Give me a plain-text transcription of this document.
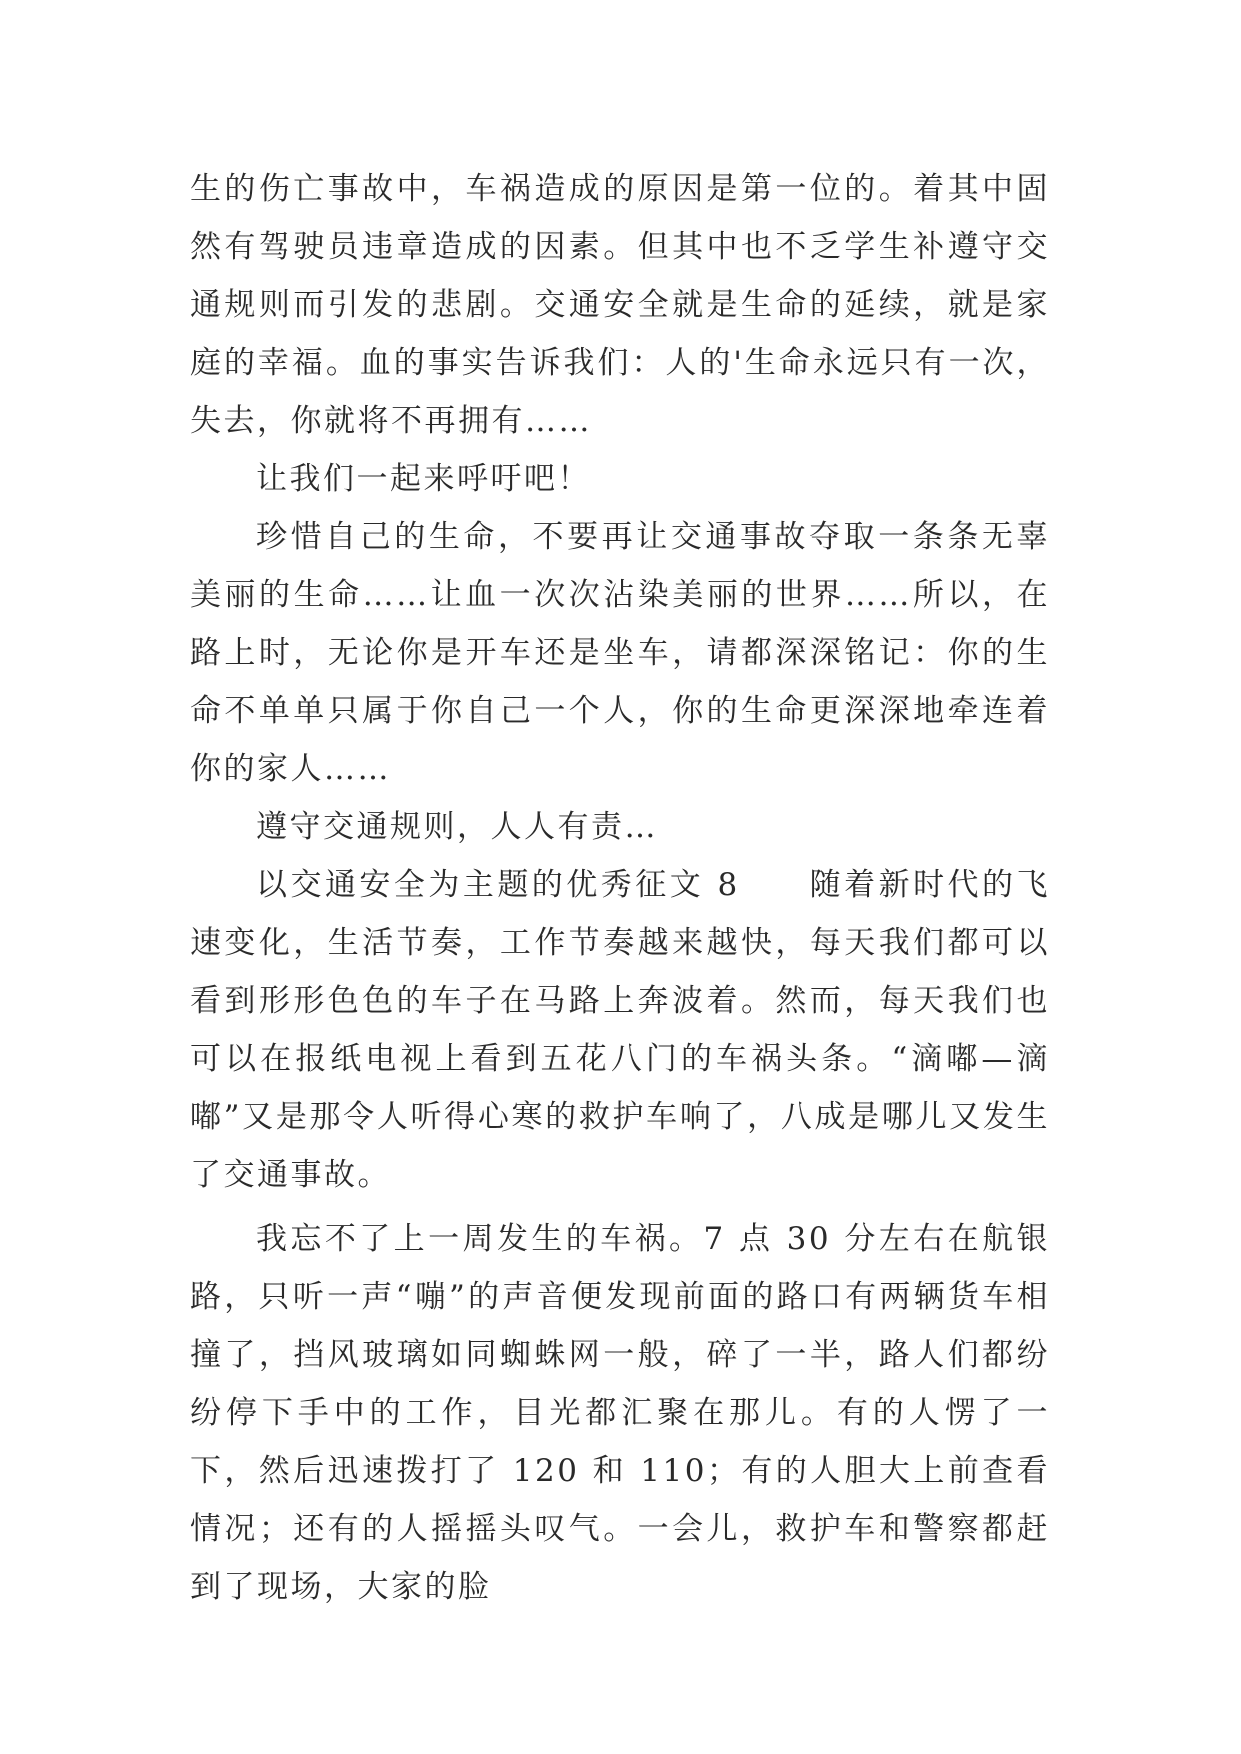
生的伤亡事故中，车祸造成的原因是第一位的。着其中固然有驾驶员违章造成的因素。但其中也不乏学生补遵守交通规则而引发的悲剧。交通安全就是生命的延续，就是家庭的幸福。血的事实告诉我们：人的'生命永远只有一次，失去，你就将不再拥有……

让我们一起来呼吁吧！

珍惜自己的生命，不要再让交通事故夺取一条条无辜美丽的生命……让血一次次沾染美丽的世界……所以，在路上时，无论你是开车还是坐车，请都深深铭记：你的生命不单单只属于你自己一个人，你的生命更深深地牵连着你的家人……

遵守交通规则，人人有责…

以交通安全为主题的优秀征文 8　　随着新时代的飞速变化，生活节奏，工作节奏越来越快，每天我们都可以看到形形色色的车子在马路上奔波着。然而，每天我们也可以在报纸电视上看到五花八门的车祸头条。“滴嘟—滴嘟”又是那令人听得心寒的救护车响了，八成是哪儿又发生了交通事故。

我忘不了上一周发生的车祸。7 点 30 分左右在航银路，只听一声“嘣”的声音便发现前面的路口有两辆货车相撞了，挡风玻璃如同蜘蛛网一般，碎了一半，路人们都纷纷停下手中的工作，目光都汇聚在那儿。有的人愣了一下，然后迅速拨打了 120 和 110；有的人胆大上前查看情况；还有的人摇摇头叹气。一会儿，救护车和警察都赶到了现场，大家的脸
